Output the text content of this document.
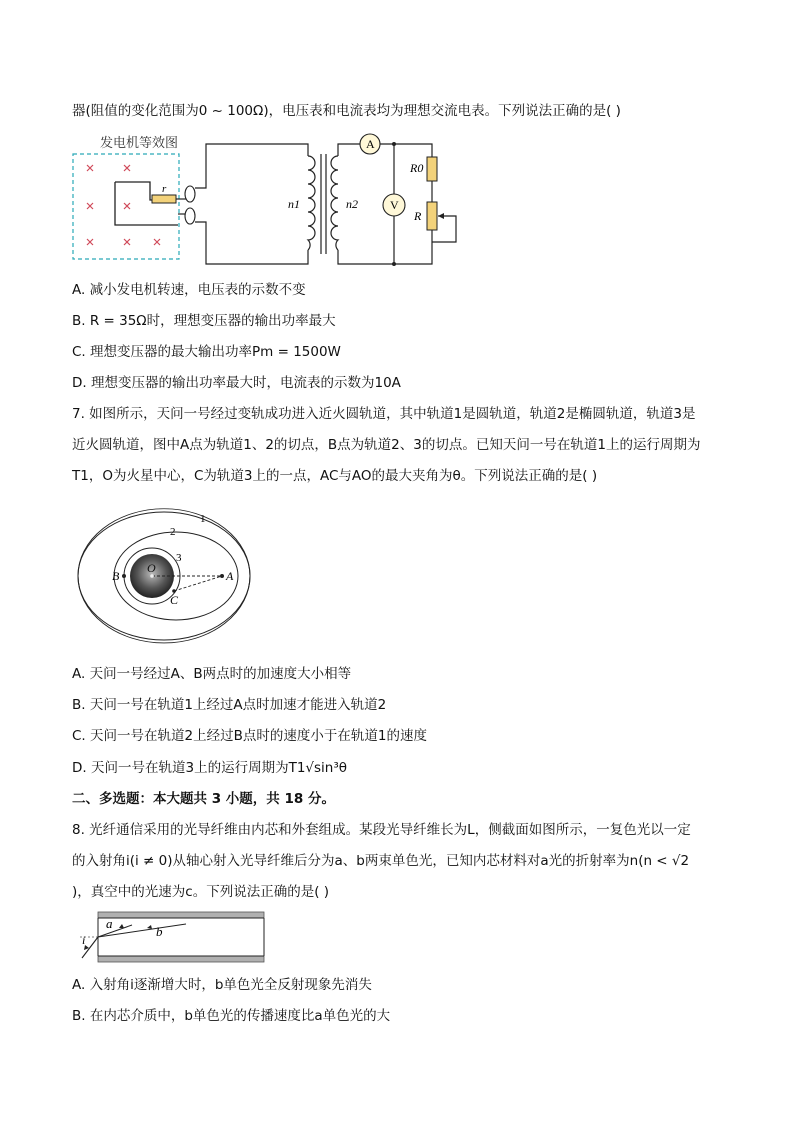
器(阻值的变化范围为0 ~ 100Ω)，电压表和电流表均为理想交流电表。下列说法正确的是( )
发电机等效图
r
n1	n2
A
R0
R
V
A. 减小发电机转速，电压表的示数不变
B. R = 35Ω时，理想变压器的输出功率最大
C. 理想变压器的最大输出功率Pm = 1500W
D. 理想变压器的输出功率最大时，电流表的示数为10A
7. 如图所示，天问一号经过变轨成功进入近火圆轨道，其中轨道1是圆轨道，轨道2是椭圆轨道，轨道3是
近火圆轨道，图中A点为轨道1、2的切点，B点为轨道2、3的切点。已知天问一号在轨道1上的运行周期为
T1，O为火星中心，C为轨道3上的一点，AC与AO的最大夹角为θ。下列说法正确的是( )
1
2
3
A
B
O
C
A. 天问一号经过A、B两点时的加速度大小相等
B. 天问一号在轨道1上经过A点时加速才能进入轨道2
C. 天问一号在轨道2上经过B点时的速度小于在轨道1的速度
D. 天问一号在轨道3上的运行周期为T1√sin³θ
二、多选题：本大题共 3 小题，共 18 分。
8. 光纤通信采用的光导纤维由内芯和外套组成。某段光导纤维长为L，侧截面如图所示，一复色光以一定
的入射角i(i ≠ 0)从轴心射入光导纤维后分为a、b两束单色光，已知内芯材料对a光的折射率为n(n < √2
)，真空中的光速为c。下列说法正确的是( )
a
b
i
A. 入射角i逐渐增大时，b单色光全反射现象先消失
B. 在内芯介质中，b单色光的传播速度比a单色光的大
